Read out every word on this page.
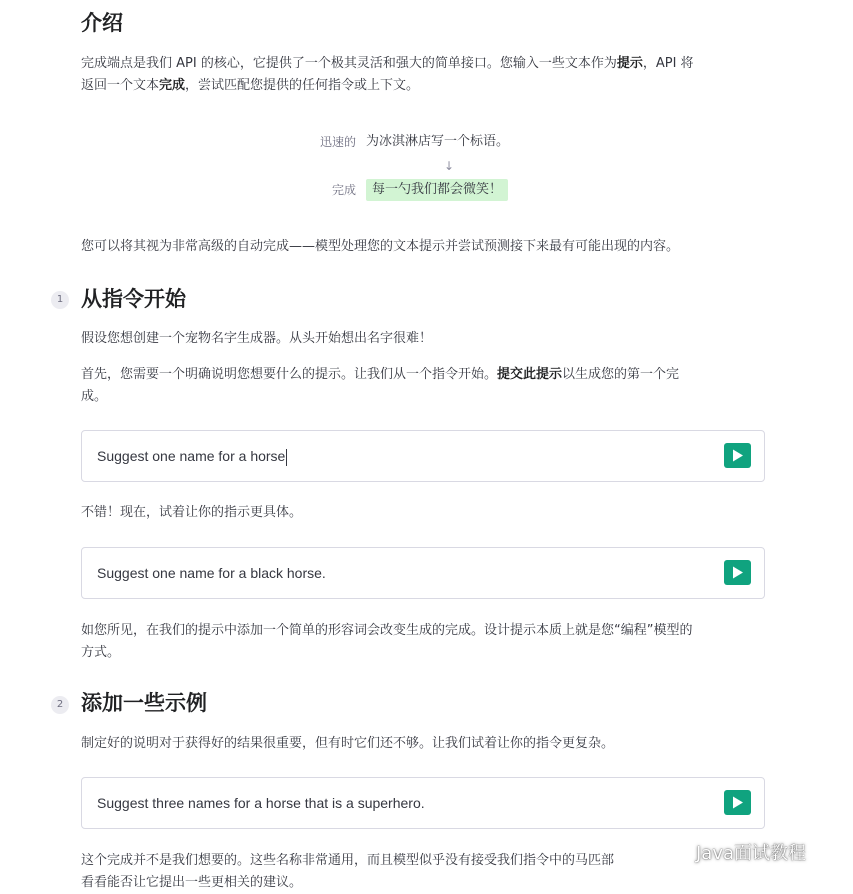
介绍

完成端点是我们 API 的核心，它提供了一个极其灵活和强大的简单接口。您输入一些文本作为提示，API 将
返回一个文本完成，尝试匹配您提供的任何指令或上下文。

迅速的 为冰淇淋店写一个标语。
↓
完成	每一勺我们都会微笑！

您可以将其视为非常高级的自动完成——模型处理您的文本提示并尝试预测接下来最有可能出现的内容。

1 从指令开始

假设您想创建一个宠物名字生成器。从头开始想出名字很难！

首先，您需要一个明确说明您想要什么的提示。让我们从一个指令开始。提交此提示以生成您的第一个完
成。

Suggest one name for a horse

不错！现在，试着让你的指示更具体。

Suggest one name for a black horse.

如您所见，在我们的提示中添加一个简单的形容词会改变生成的完成。设计提示本质上就是您“编程”模型的
方式。

2 添加一些示例

制定好的说明对于获得好的结果很重要，但有时它们还不够。让我们试着让你的指令更复杂。

Suggest three names for a horse that is a superhero.

这个完成并不是我们想要的。这些名称非常通用，而且模型似乎没有接受我们指令中的马匹部
看看能否让它提出一些更相关的建议。

Java面试教程
